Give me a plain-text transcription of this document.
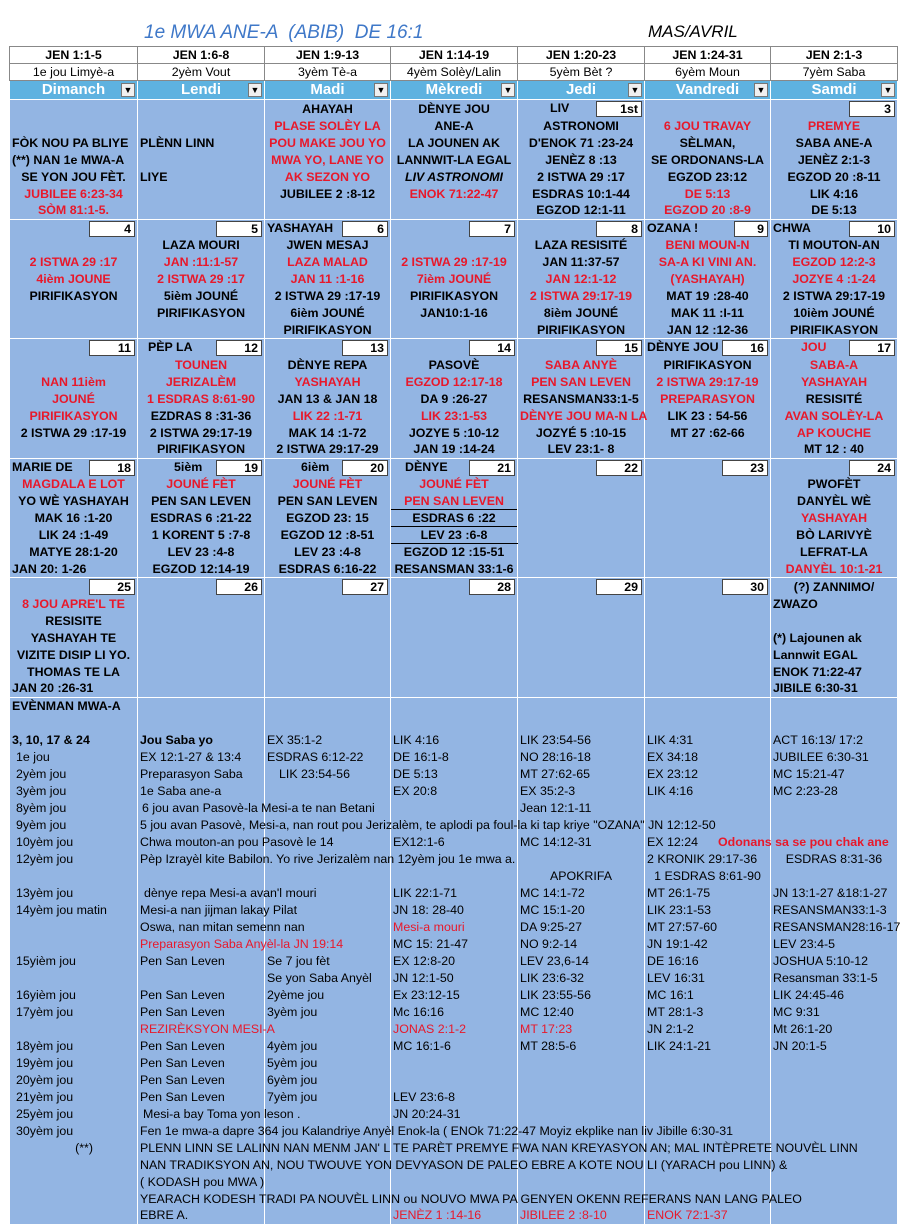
1e MWA ANE-A  (ABIB)  DE 16:1	MAS/AVRIL
JEN 1:1-5	JEN 1:6-8	JEN 1:9-13	JEN 1:14-19	JEN 1:20-23	JEN 1:24-31	JEN 2:1-3
1e jou Limyè-a	2yèm Vout	3yèm Tè-a	4yèm Solèy/Lalin	5yèm Bèt ?	6yèm Moun	7yèm Saba
Dimanch ▼	Lendi	▼	Madi	▼	Mèkredi ▼	Jedi	▼	Vandredi ▼	Samdi	▼

		AHAYAH	DÈNYE JOU	LIV	1st		3

		PLASE SOLÈY LA	ANE-A	ASTRONOMI	6 JOU TRAVAY	PREMYE
FÒK NOU PA BLIYE	PLÈNN LINN	POU MAKE JOU YO	LA JOUNEN AK	D'ENOK 71 :23-24	SÈLMAN,	SABA ANE-A
(**) NAN 1e MWA-A		MWA YO, LANE YO	LANNWIT-LA EGAL	JENÈZ 8 :13	SE ORDONANS-LA	JENÈZ 2:1-3
SE YON JOU FÈT.	LIYE	AK SEZON YO	LIV ASTRONOMI	2 ISTWA 29 :17	EGZOD 23:12	EGZOD 20 :8-11
JUBILEE 6:23-34		JUBILEE 2 :8-12	ENOK 71:22-47	ESDRAS 10:1-44	DE 5:13	LIK 4:16
SÒM 81:1-5.				EGZOD 12:1-11	EGZOD 20 :8-9	DE 5:13

4	5	YASHAYAH	6	7	8	OZANA !	9	CHWA	10

	LAZA MOURI	JWEN MESAJ		LAZA RESISITÉ	BENI MOUN-N	TI MOUTON-AN
2 ISTWA 29 :17	JAN :11:1-57	LAZA MALAD	2 ISTWA 29 :17-19	JAN 11:37-57	SA-A KI VINI AN.	EGZOD 12:2-3
4ièm JOUNE	2 ISTWA 29 :17	JAN 11 :1-16	7ièm JOUNÉ	JAN 12:1-12	(YASHAYAH)	JOZYE 4 :1-24
PIRIFIKASYON	5ièm JOUNÉ	2 ISTWA 29 :17-19	PIRIFIKASYON	2 ISTWA 29:17-19	MAT 19 :28-40	2 ISTWA 29:17-19
	PIRIFIKASYON	6ièm JOUNÉ	JAN10:1-16	8ièm JOUNÉ	MAK 11 :I-11	10ièm JOUNÉ
		PIRIFIKASYON		PIRIFIKASYON	JAN 12 :12-36	PIRIFIKASYON

11	PÈP LA	12	13	14	15	DÈNYE JOU	16	JOU	17

	TOUNEN	DÈNYE REPA	PASOVÈ	SABA ANYÈ	PIRIFIKASYON	SABA-A
NAN 11ièm	JERIZALÈM	YASHAYAH	EGZOD 12:17-18	PEN SAN LEVEN	2 ISTWA 29:17-19	YASHAYAH
JOUNÉ	1 ESDRAS 8:61-90	JAN 13 & JAN 18	DA 9 :26-27	RESANSMAN33:1-5	PREPARASYON	RESISITÉ
PIRIFIKASYON	EZDRAS 8 :31-36	LIK 22 :1-71	LIK 23:1-53	DÈNYE JOU MA-N LA	LIK 23 : 54-56	AVAN SOLÈY-LA
2 ISTWA 29 :17-19	2 ISTWA 29:17-19	MAK 14 :1-72	JOZYE 5 :10-12	JOZYÉ 5 :10-15	MT 27 :62-66	AP KOUCHE
	PIRIFIKASYON	2 ISTWA 29:17-29	JAN 19 :14-24	LEV 23:1- 8		MT 12 : 40

MARIE DE	18	5ièm	19	6ièm	20	DÈNYE	21	22	23	24

MAGDALA E LOT	JOUNÉ FÈT	JOUNÉ FÈT	JOUNÉ FÈT			PWOFÈT
YO WÈ YASHAYAH	PEN SAN LEVEN	PEN SAN LEVEN	PEN SAN LEVEN			DANYÈL WÈ
MAK 16 :1-20	ESDRAS 6 :21-22	EGZOD 23: 15	ESDRAS 6 :22			YASHAYAH
LIK 24 :1-49	1 KORENT 5 :7-8	EGZOD 12 :8-51	LEV 23 :6-8			BÒ LARIVYÈ
MATYE 28:1-20	LEV 23 :4-8	LEV 23 :4-8	EGZOD 12 :15-51			LEFRAT-LA
JAN 20: 1-26	EGZOD 12:14-19	ESDRAS 6:16-22	RESANSMAN 33:1-6			DANYÈL 10:1-21

25	26	27	28	29	30	(?) ZANNIMO/
8 JOU APRE'L TE						ZWAZO
RESISITE						
YASHAYAH TE						(*) Lajounen ak
VIZITE DISIP LI YO.						Lannwit EGAL
THOMAS TE LA						ENOK 71:22-47
JAN 20 :26-31						JIBILE 6:30-31
EVÈNMAN MWA-A						

3, 10, 17 & 24	Jou Saba yo	EX 35:1-2	LIK 4:16	LIK 23:54-56	LIK 4:31	ACT 16:13/ 17:2
1e jou	EX 12:1-27 & 13:4	ESDRAS 6:12-22	DE 16:1-8	NO 28:16-18	EX 34:18	JUBILEE 6:30-31
2yèm jou	Preparasyon Saba	LIK 23:54-56	DE 5:13	MT 27:62-65	EX 23:12	MC 15:21-47
3yèm jou	1e Saba ane-a		EX 20:8	EX 35:2-3	LIK 4:16	MC 2:23-28
8yèm jou	6 jou avan Pasovè-la Mesi-a te nan Betani			Jean 12:1-11		
9yèm jou	5 jou avan Pasovè, Mesi-a, nan rout pou Jerizalèm, te aplodi pa foul-la ki tap kriye "OZANA" JN 12:12-50					
10yèm jou	Chwa mouton-an pou Pasovè le 14		EX12:1-6	MC 14:12-31	EX 12:24	Odonans sa se pou chak ane
12yèm jou	Pèp Izrayèl kite Babilon. Yo rive Jerizalèm nan 12yèm jou 1e mwa a.				2 KRONIK 29:17-36	ESDRAS 8:31-36
				APOKRIFA	1 ESDRAS 8:61-90	
13yèm jou	dènye repa Mesi-a avan'l mouri		LIK 22:1-71	MC 14:1-72	MT 26:1-75	JN 13:1-27 &18:1-27
14yèm jou matin	Mesi-a nan jijman lakay Pilat		JN 18: 28-40	MC 15:1-20	LIK 23:1-53	RESANSMAN33:1-3
	Oswa, nan mitan semenn nan		Mesi-a mouri	DA 9:25-27	MT 27:57-60	RESANSMAN28:16-17
	Preparasyon Saba Anyèl-la JN 19:14		MC 15: 21-47	NO 9:2-14	JN 19:1-42	LEV 23:4-5
15yièm jou	Pen San Leven	Se 7 jou fèt	EX 12:8-20	LEV 23,6-14	DE 16:16	JOSHUA 5:10-12
		Se yon Saba Anyèl	JN 12:1-50	LIK 23:6-32	LEV 16:31	Resansman 33:1-5
16yièm jou	Pen San Leven	2yème jou	Ex 23:12-15	LIK 23:55-56	MC 16:1	LIK 24:45-46
17yèm jou	Pen San Leven	3yèm jou	Mc 16:16	MC 12:40	MT 28:1-3	MC 9:31
	REZIRÈKSYON MESI-A		JONAS 2:1-2	MT 17:23	JN 2:1-2	Mt 26:1-20
18yèm jou	Pen San Leven	4yèm jou	MC 16:1-6	MT 28:5-6	LIK 24:1-21	JN 20:1-5
19yèm jou	Pen San Leven	5yèm jou				
20yèm jou	Pen San Leven	6yèm jou				
21yèm jou	Pen San Leven	7yèm jou	LEV 23:6-8			
25yèm jou	Mesi-a bay Toma yon leson .		JN 20:24-31			
30yèm jou	Fen 1e mwa-a dapre 364 jou Kalandriye Anyèl Enok-la ( ENOk 71:22-47 Moyiz ekplike nan liv Jibille 6:30-31					
(**)	PLENN LINN SE LALINN NAN MENM JAN' L TE PARÈT PREMYE FWA NAN KREYASYON AN; MAL INTÈPRETE NOUVÈL LINN					
	NAN TRADIKSYON AN, NOU TWOUVE YON DEVYASON DE PALEO EBRE A KOTE NOU LI (YARACH pou LINN) &					
	( KODASH pou MWA )					
	YEARACH KODESH TRADI PA NOUVÈL LINN ou NOUVO MWA PA GENYEN OKENN REFERANS NAN LANG PALEO					
	EBRE A.		JENÈZ 1 :14-16	JIBILEE 2 :8-10	ENOK 72:1-37	
